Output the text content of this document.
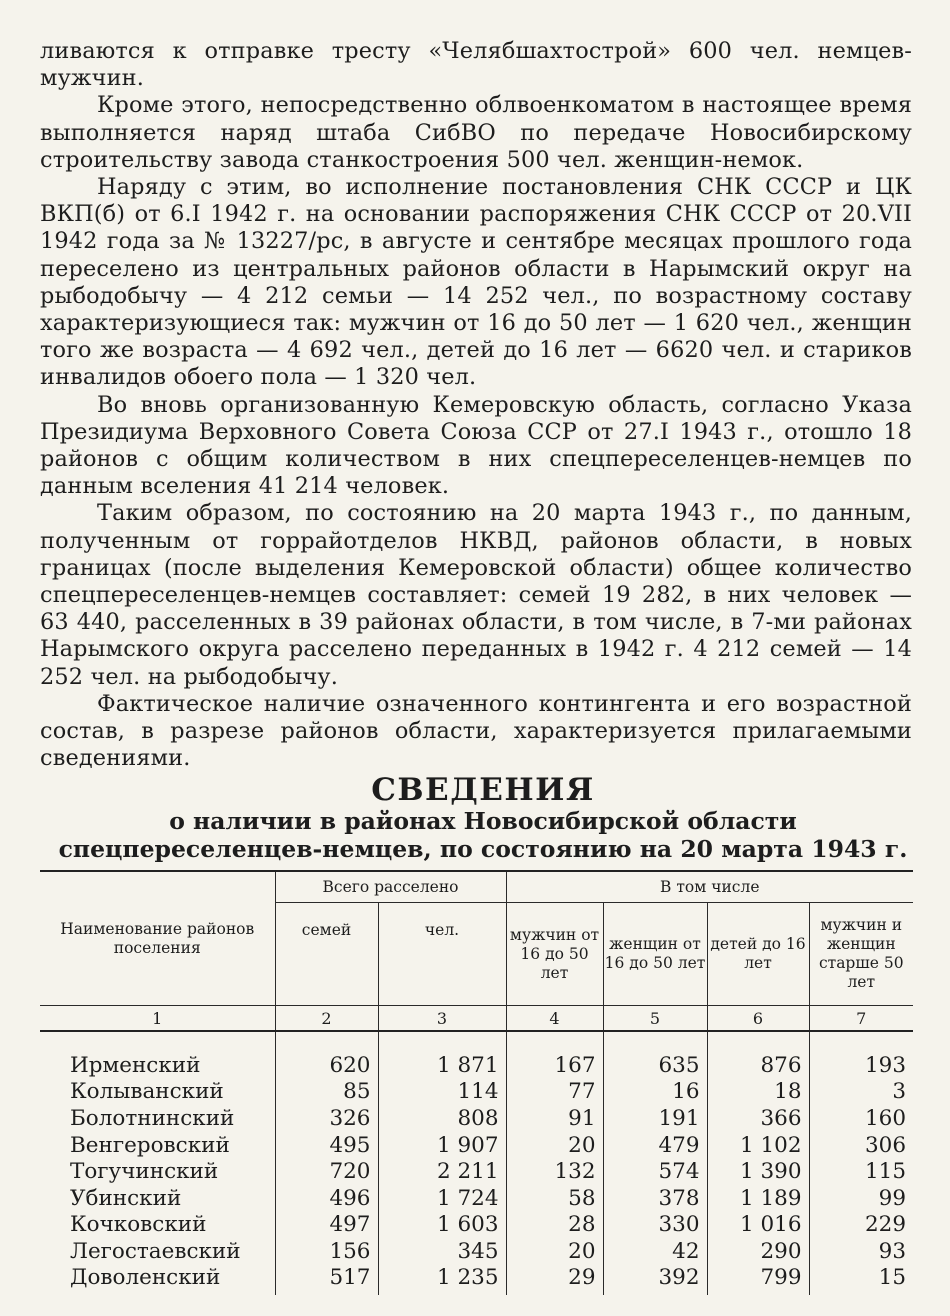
ливаются к отправке тресту «Челябшахтострой» 600 чел. немцев-мужчин.

Кроме этого, непосредственно облвоенкоматом в настоящее время выполняется наряд штаба СибВО по передаче Новосибирскому строительству завода станкостроения 500 чел. женщин-немок.

Наряду с этим, во исполнение постановления СНК СССР и ЦК ВКП(б) от 6.I 1942 г. на основании распоряжения СНК СССР от 20.VII 1942 года за № 13227/рс, в августе и сентябре месяцах прошлого года переселено из центральных районов области в Нарымский округ на рыбодобычу — 4 212 семьи — 14 252 чел., по возрастному составу характеризующиеся так: мужчин от 16 до 50 лет — 1 620 чел., женщин того же возраста — 4 692 чел., детей до 16 лет — 6620 чел. и стариков инвалидов обоего пола — 1 320 чел.

Во вновь организованную Кемеровскую область, согласно Указа Президиума Верховного Совета Союза ССР от 27.I 1943 г., отошло 18 районов с общим количеством в них спецпереселенцев-немцев по данным вселения 41 214 человек.

Таким образом, по состоянию на 20 марта 1943 г., по данным, полученным от горрайотделов НКВД, районов области, в новых границах (после выделения Кемеровской области) общее количество спецпереселенцев-немцев составляет: семей 19 282, в них человек — 63 440, расселенных в 39 районах области, в том числе, в 7-ми районах Нарымского округа расселено переданных в 1942 г. 4 212 семей — 14 252 чел. на рыбодобычу.

Фактическое наличие означенного контингента и его возрастной состав, в разрезе районов области, характеризуется прилагаемыми сведениями.

СВЕДЕНИЯ
о наличии в районах Новосибирской области
спецпереселенцев-немцев, по состоянию на 20 марта 1943 г.
Наименование районов поселения	Всего расселено		В том числе			
	семей	чел.	мужчин от 16 до 50 лет	женщин от 16 до 50 лет	детей до 16 лет	мужчин и женщин старше 50 лет
1	2	3	4	5	6	7

Ирменский	620	1 871	167	635	876	193
Колыванский	85	114	77	16	18	3
Болотнинский	326	808	91	191	366	160
Венгеровский	495	1 907	20	479	1 102	306
Тогучинский	720	2 211	132	574	1 390	115
Убинский	496	1 724	58	378	1 189	99
Кочковский	497	1 603	28	330	1 016	229
Легостаевский	156	345	20	42	290	93
Доволенский	517	1 235	29	392	799	15
